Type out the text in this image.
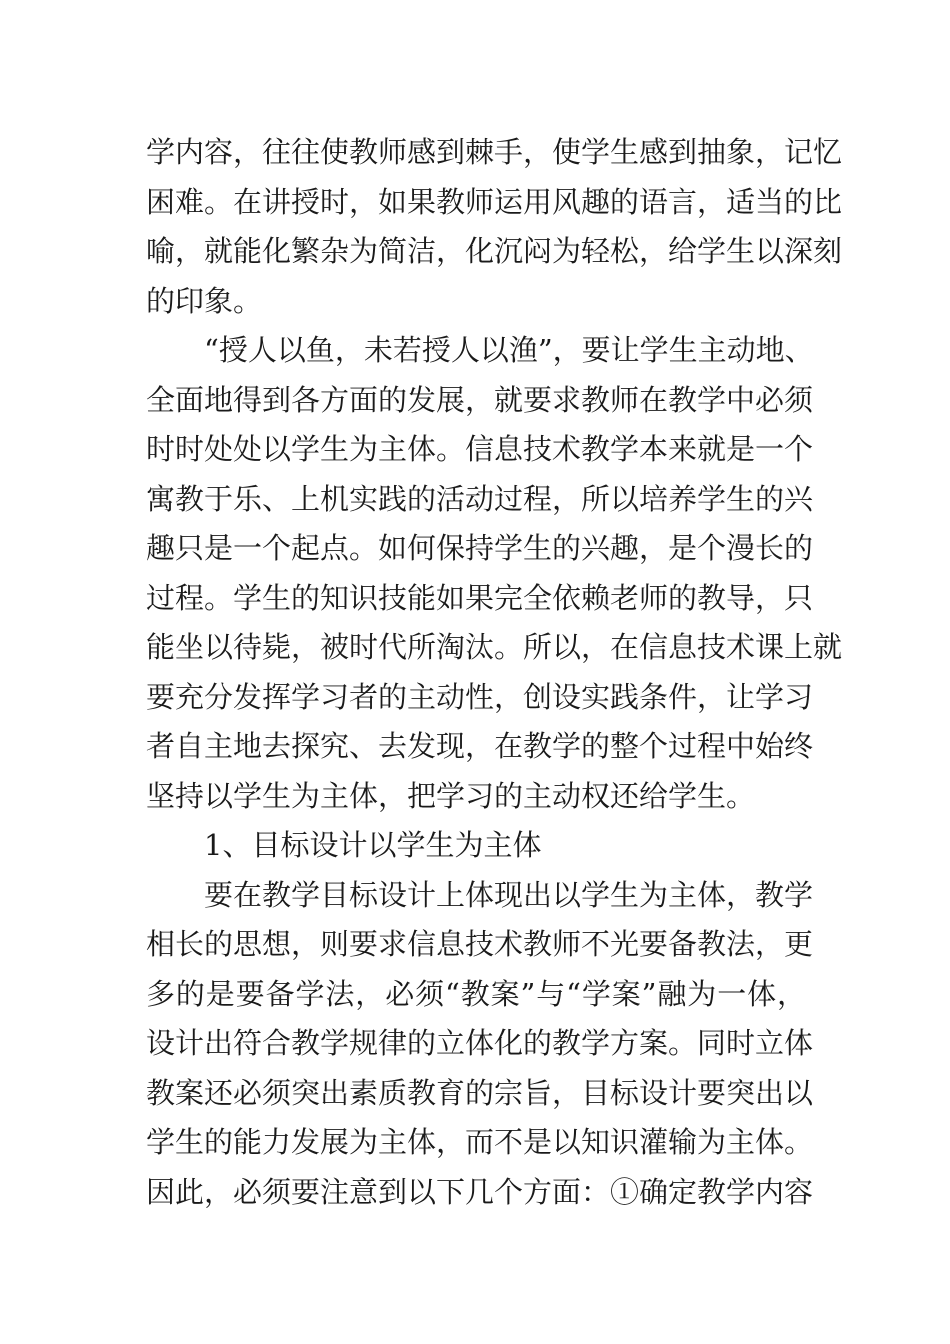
学内容，往往使教师感到棘手，使学生感到抽象，记忆
困难。在讲授时，如果教师运用风趣的语言，适当的比
喻，就能化繁杂为简洁，化沉闷为轻松，给学生以深刻
的印象。
“授人以鱼，未若授人以渔”，要让学生主动地、
全面地得到各方面的发展，就要求教师在教学中必须
时时处处以学生为主体。信息技术教学本来就是一个
寓教于乐、上机实践的活动过程，所以培养学生的兴
趣只是一个起点。如何保持学生的兴趣，是个漫长的
过程。学生的知识技能如果完全依赖老师的教导，只
能坐以待毙，被时代所淘汰。所以，在信息技术课上就
要充分发挥学习者的主动性，创设实践条件，让学习
者自主地去探究、去发现，在教学的整个过程中始终
坚持以学生为主体，把学习的主动权还给学生。
1、目标设计以学生为主体
要在教学目标设计上体现出以学生为主体，教学
相长的思想，则要求信息技术教师不光要备教法，更
多的是要备学法，必须“教案”与“学案”融为一体，
设计出符合教学规律的立体化的教学方案。同时立体
教案还必须突出素质教育的宗旨，目标设计要突出以
学生的能力发展为主体，而不是以知识灌输为主体。
因此，必须要注意到以下几个方面：①确定教学内容
